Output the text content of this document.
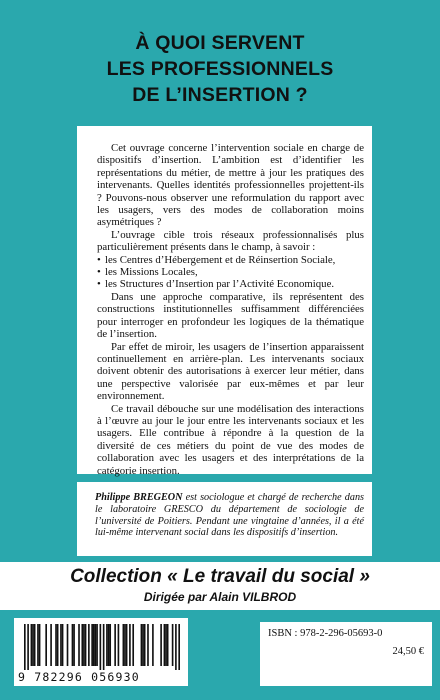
À QUOI SERVENT
LES PROFESSIONNELS
DE L’INSERTION ?

Cet ouvrage concerne l’intervention sociale en charge de dispositifs d’insertion. L’ambition est d’identifier les représentations du métier, de mettre à jour les pratiques des intervenants. Quelles identités professionnelles projettent-ils ? Pouvons-nous observer une reformulation du rapport avec les usagers, vers des modes de collaboration moins asymétriques ?

L’ouvrage cible trois réseaux professionnalisés plus particulièrement présents dans le champ, à savoir :

• les Centres d’Hébergement et de Réinsertion Sociale,
• les Missions Locales,
• les Structures d’Insertion par l’Activité Economique.

Dans une approche comparative, ils représentent des constructions institutionnelles suffisamment différenciées pour interroger en profondeur les logiques de la thématique de l’insertion.

Par effet de miroir, les usagers de l’insertion apparaissent continuellement en arrière-plan. Les intervenants sociaux doivent obtenir des autorisations à exercer leur métier, dans une perspective valorisée par eux-mêmes et par leur environnement.

Ce travail débouche sur une modélisation des interactions à l’œuvre au jour le jour entre les intervenants sociaux et les usagers. Elle contribue à répondre à la question de la diversité de ces métiers du point de vue des modes de collaboration avec les usagers et des interprétations de la catégorie insertion.

Philippe BREGEON est sociologue et chargé de recherche dans le laboratoire GRESCO du département de sociologie de l’université de Poitiers. Pendant une vingtaine d’années, il a été lui-même intervenant social dans les dispositifs d’insertion.
Collection « Le travail du social »
Dirigée par Alain VILBROD
9 782296 056930
ISBN : 978-2-296-05693-0
24,50 €
